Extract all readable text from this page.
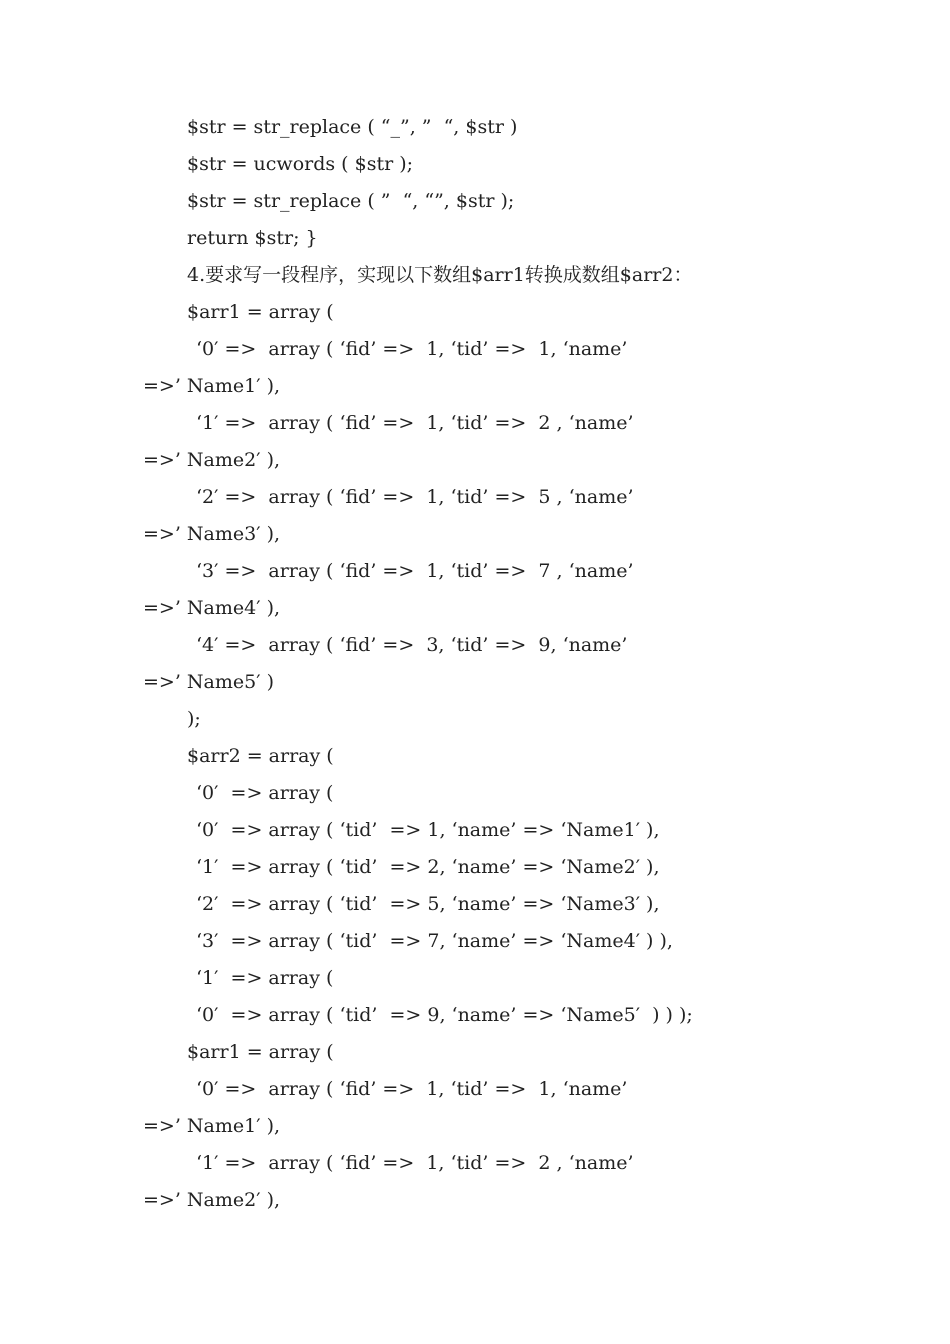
$str = str_replace ( “_”, ”  “, $str )
$str = ucwords ( $str );
$str = str_replace ( ”  “, “”, $str );
return $str; }
4.要求写一段程序，实现以下数组$arr1转换成数组$arr2：
$arr1 = array (
‘0′ =>  array ( ‘fid’ =>  1, ‘tid’ =>  1, ‘name’
=>’ Name1′ ),
‘1′ =>  array ( ‘fid’ =>  1, ‘tid’ =>  2 , ‘name’
=>’ Name2′ ),
‘2′ =>  array ( ‘fid’ =>  1, ‘tid’ =>  5 , ‘name’
=>’ Name3′ ),
‘3′ =>  array ( ‘fid’ =>  1, ‘tid’ =>  7 , ‘name’
=>’ Name4′ ),
‘4′ =>  array ( ‘fid’ =>  3, ‘tid’ =>  9, ‘name’
=>’ Name5′ )
);
$arr2 = array (
‘0′  => array (
‘0′  => array ( ‘tid’  => 1, ‘name’ => ‘Name1′ ),
‘1′  => array ( ‘tid’  => 2, ‘name’ => ‘Name2′ ),
‘2′  => array ( ‘tid’  => 5, ‘name’ => ‘Name3′ ),
‘3′  => array ( ‘tid’  => 7, ‘name’ => ‘Name4′ ) ),
‘1′  => array (
‘0′  => array ( ‘tid’  => 9, ‘name’ => ‘Name5′  ) ) );
$arr1 = array (
‘0′ =>  array ( ‘fid’ =>  1, ‘tid’ =>  1, ‘name’
=>’ Name1′ ),
‘1′ =>  array ( ‘fid’ =>  1, ‘tid’ =>  2 , ‘name’
=>’ Name2′ ),
